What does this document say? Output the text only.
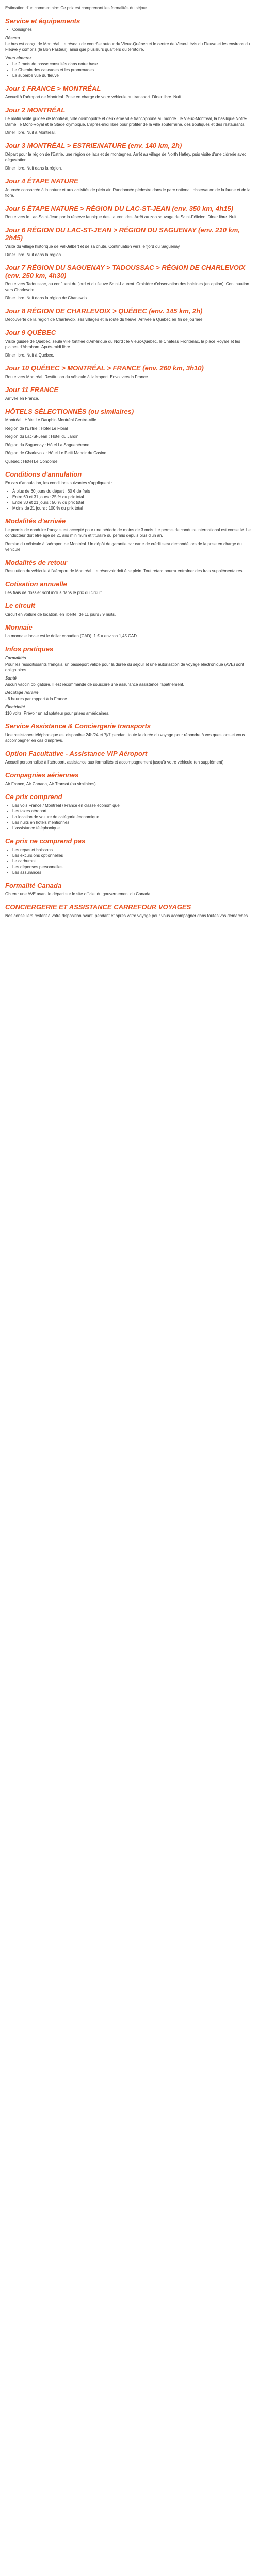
Estimation d'un commentaire: Ce prix est comprenant les formalités du séjour.

Service et équipements
• Consignes
Réseau

Le bus est conçu de Montréal. Le réseau de contrôle autour du Vieux-Québec et le centre de Vieux-Lévis du Fleuve et les environs du Fleuve y compris (le Bon Pasteur), ainsi que plusieurs quartiers du territoire.

Vous aimerez
• Le 2 mots de passe consultés dans notre base
• Le Chemin des cascades et les promenades
• La superbe vue du fleuve
Jour 1 FRANCE > MONTRÉAL

Accueil à l'aéroport de Montréal. Prise en charge de votre véhicule au transport. Dîner libre. Nuit.

Jour 2 MONTRÉAL

Le matin visite guidée de Montréal, ville cosmopolite et deuxième ville francophone au monde : le Vieux-Montréal, la basilique Notre-Dame, le Mont-Royal et le Stade olympique. L'après-midi libre pour profiter de la ville souterraine, des boutiques et des restaurants.

Dîner libre. Nuit à Montréal.

Jour 3 MONTRÉAL > ESTRIE/NATURE (env. 140 km, 2h)

Départ pour la région de l'Estrie, une région de lacs et de montagnes. Arrêt au village de North Hatley, puis visite d'une cidrerie avec dégustation.

Dîner libre. Nuit dans la région.

Jour 4 ÉTAPE NATURE

Journée consacrée à la nature et aux activités de plein air. Randonnée pédestre dans le parc national, observation de la faune et de la flore.

Jour 5 ÉTAPE NATURE > RÉGION DU LAC-ST-JEAN (env. 350 km, 4h15)

Route vers le Lac-Saint-Jean par la réserve faunique des Laurentides. Arrêt au zoo sauvage de Saint-Félicien. Dîner libre. Nuit.

Jour 6 RÉGION DU LAC-ST-JEAN > RÉGION DU SAGUENAY (env. 210 km, 2h45)

Visite du village historique de Val-Jalbert et de sa chute. Continuation vers le fjord du Saguenay.

Dîner libre. Nuit dans la région.

Jour 7 RÉGION DU SAGUENAY > TADOUSSAC > RÉGION DE CHARLEVOIX (env. 250 km, 4h30)

Route vers Tadoussac, au confluent du fjord et du fleuve Saint-Laurent. Croisière d'observation des baleines (en option). Continuation vers Charlevoix.

Dîner libre. Nuit dans la région de Charlevoix.

Jour 8 RÉGION DE CHARLEVOIX > QUÉBEC (env. 145 km, 2h)

Découverte de la région de Charlevoix, ses villages et la route du fleuve. Arrivée à Québec en fin de journée.

Jour 9 QUÉBEC

Visite guidée de Québec, seule ville fortifiée d'Amérique du Nord : le Vieux-Québec, le Château Frontenac, la place Royale et les plaines d'Abraham. Après-midi libre.

Dîner libre. Nuit à Québec.

Jour 10 QUÉBEC > MONTRÉAL > FRANCE (env. 260 km, 3h10)

Route vers Montréal. Restitution du véhicule à l'aéroport. Envol vers la France.

Jour 11 FRANCE

Arrivée en France.

HÔTELS SÉLECTIONNÉS (ou similaires)

Montréal : Hôtel Le Dauphin Montréal Centre-Ville

Région de l'Estrie : Hôtel Le Floral

Région du Lac-St-Jean : Hôtel du Jardin

Région du Saguenay : Hôtel La Saguenéenne

Région de Charlevoix : Hôtel Le Petit Manoir du Casino

Québec : Hôtel Le Concorde

Conditions d'annulation

En cas d'annulation, les conditions suivantes s'appliquent :

• À plus de 60 jours du départ : 60 € de frais
• Entre 60 et 31 jours : 25 % du prix total
• Entre 30 et 21 jours : 50 % du prix total
• Moins de 21 jours : 100 % du prix total
Modalités d'arrivée

Le permis de conduire français est accepté pour une période de moins de 3 mois. Le permis de conduire international est conseillé. Le conducteur doit être âgé de 21 ans minimum et titulaire du permis depuis plus d'un an.

Remise du véhicule à l'aéroport de Montréal. Un dépôt de garantie par carte de crédit sera demandé lors de la prise en charge du véhicule.

Modalités de retour

Restitution du véhicule à l'aéroport de Montréal. Le réservoir doit être plein. Tout retard pourra entraîner des frais supplémentaires.

Cotisation annuelle

Les frais de dossier sont inclus dans le prix du circuit.

Le circuit

Circuit en voiture de location, en liberté, de 11 jours / 9 nuits.

Monnaie

La monnaie locale est le dollar canadien (CAD). 1 € = environ 1,45 CAD.

Infos pratiques
Formalités

Pour les ressortissants français, un passeport valide pour la durée du séjour et une autorisation de voyage électronique (AVE) sont obligatoires.

Santé

Aucun vaccin obligatoire. Il est recommandé de souscrire une assurance assistance rapatriement.

Décalage horaire

- 6 heures par rapport à la France.

Électricité

110 volts. Prévoir un adaptateur pour prises américaines.

Service Assistance & Conciergerie transports

Une assistance téléphonique est disponible 24h/24 et 7j/7 pendant toute la durée du voyage pour répondre à vos questions et vous accompagner en cas d'imprévu.

Option Facultative - Assistance VIP Aéroport

Accueil personnalisé à l'aéroport, assistance aux formalités et accompagnement jusqu'à votre véhicule (en supplément).

Compagnies aériennes

Air France, Air Canada, Air Transat (ou similaires).

Ce prix comprend
• Les vols France / Montréal / France en classe économique
• Les taxes aéroport
• La location de voiture de catégorie économique
• Les nuits en hôtels mentionnés
• L'assistance téléphonique
Ce prix ne comprend pas
• Les repas et boissons
• Les excursions optionnelles
• Le carburant
• Les dépenses personnelles
• Les assurances
Formalité Canada

Obtenir une AVE avant le départ sur le site officiel du gouvernement du Canada.

CONCIERGERIE ET ASSISTANCE CARREFOUR VOYAGES

Nos conseillers restent à votre disposition avant, pendant et après votre voyage pour vous accompagner dans toutes vos démarches.
